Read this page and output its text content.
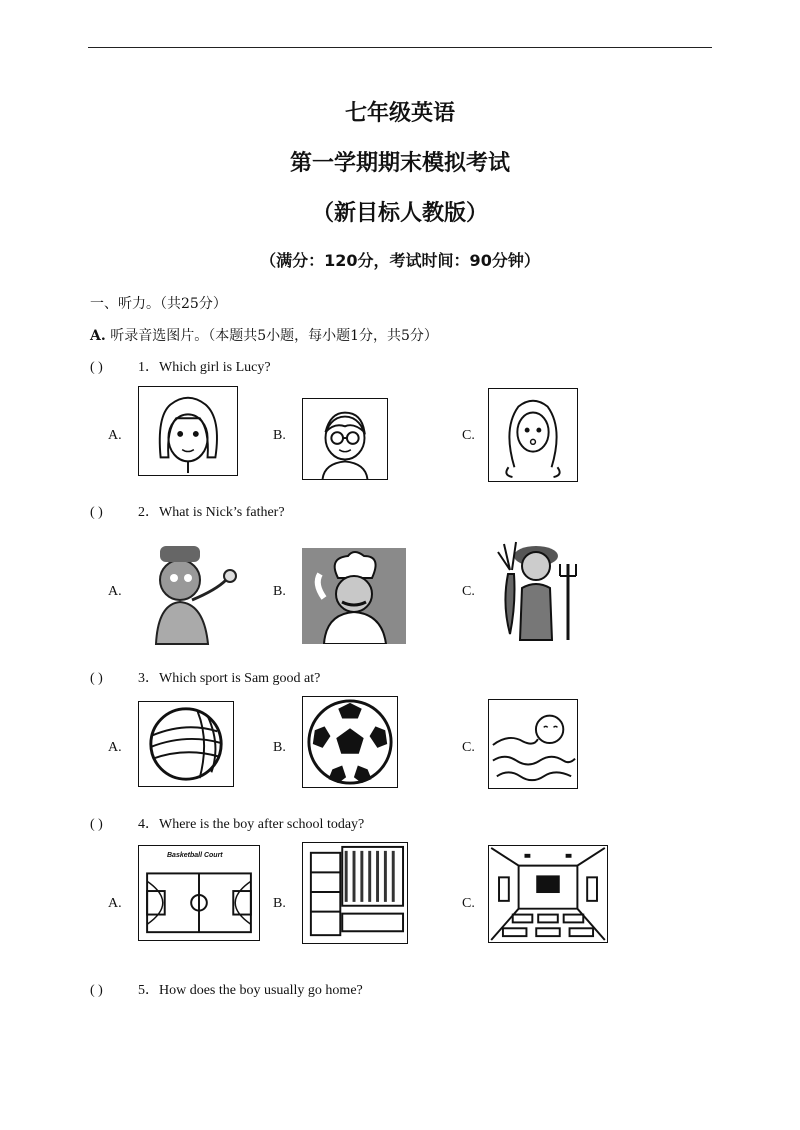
七年级英语
第一学期期末模拟考试
（新目标人教版）
（满分：120分，考试时间：90分钟）
一、听力。（共25分）
A. 听录音选图片。（本题共5小题，每小题1分，共5分）
( )	1．Which girl is Lucy?
A.	B.	C.
( )	2．What is Nick’s father?
A.	B.	C.
( )	3．Which sport is Sam good at?
A.	B.	C.
( )	4．Where is the boy after school today?
A.
Basketball Court
B.	C.
( )	5．How does the boy usually go home?
